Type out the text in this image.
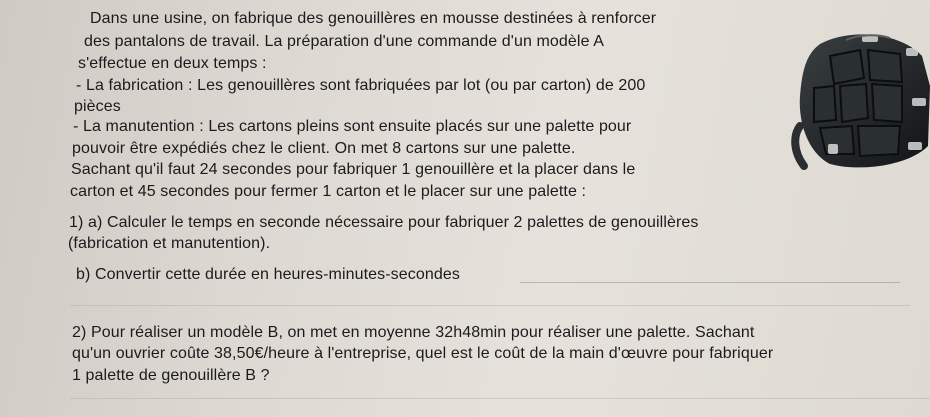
Dans une usine, on fabrique des genouillères en mousse destinées à renforcer
des pantalons de travail. La préparation d'une commande d'un modèle A
s'effectue en deux temps :
- La fabrication : Les genouillères sont fabriquées par lot (ou par carton) de 200
pièces
- La manutention : Les cartons pleins sont ensuite placés sur une palette pour
pouvoir être expédiés chez le client. On met 8 cartons sur une palette.
Sachant qu'il faut 24 secondes pour fabriquer 1 genouillère et la placer dans le
carton et 45 secondes pour fermer 1 carton et le placer sur une palette :
1) a) Calculer le temps en seconde nécessaire pour fabriquer 2 palettes de genouillères
(fabrication et manutention).
b) Convertir cette durée en heures-minutes-secondes
2) Pour réaliser un modèle B, on met en moyenne 32h48min pour réaliser une palette. Sachant
qu'un ouvrier coûte 38,50€/heure à l'entreprise, quel est le coût de la main d'œuvre pour fabriquer
1 palette de genouillère B ?
